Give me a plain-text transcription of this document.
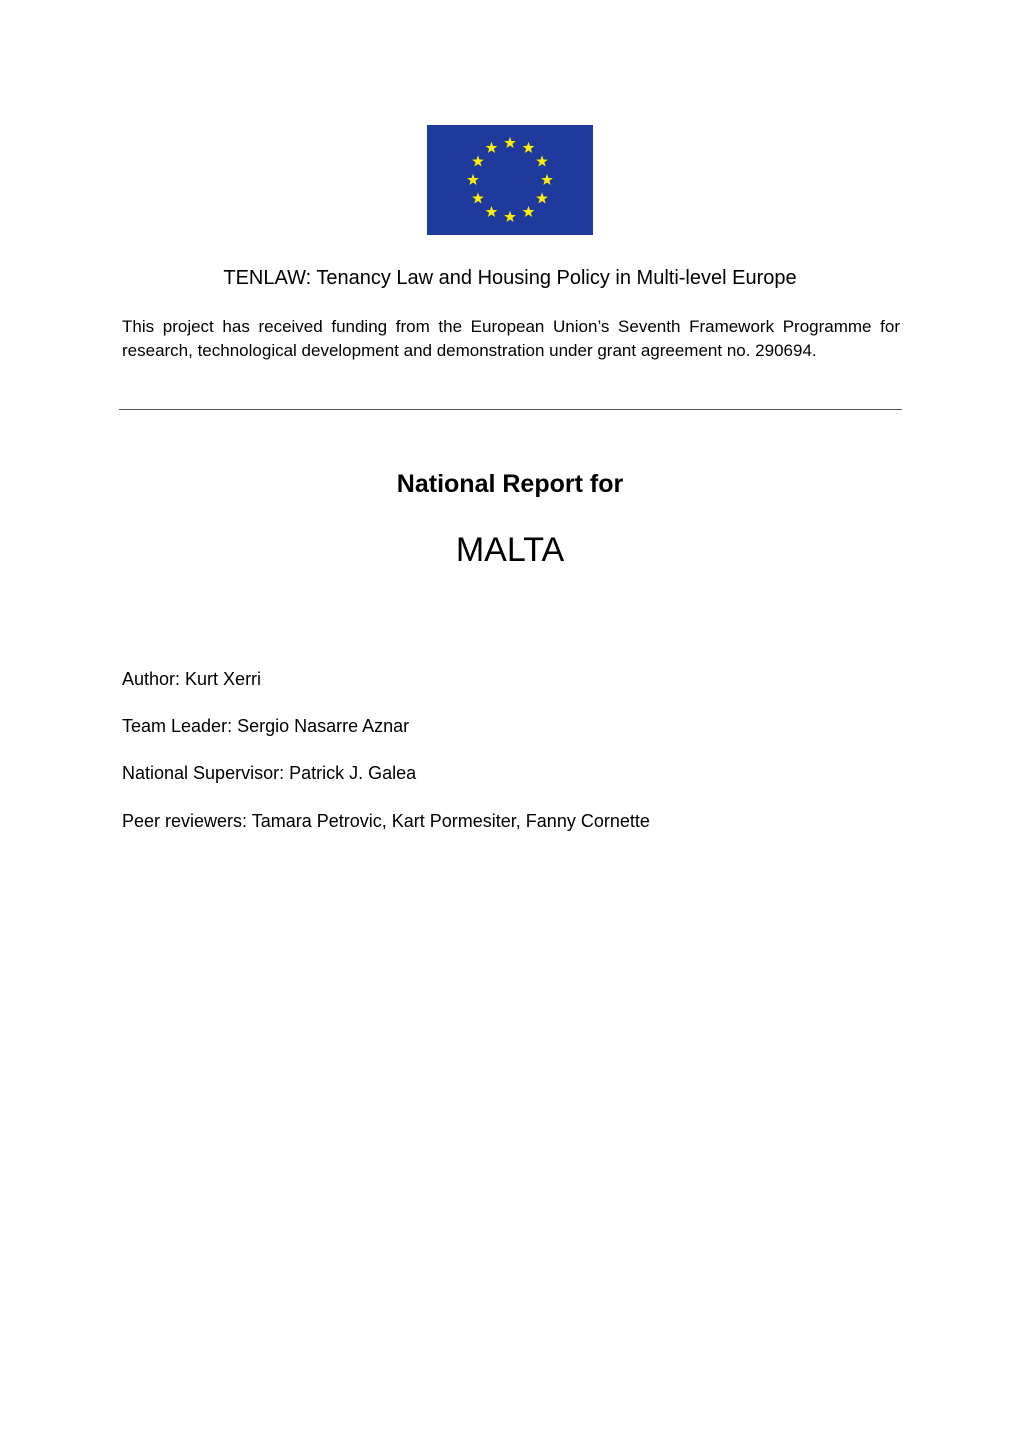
TENLAW: Tenancy Law and Housing Policy in Multi-level Europe
This project has received funding from the European Union’s Seventh Framework Programme for research, technological development and demonstration under grant agreement no. 290694.
National Report for
MALTA
Author: Kurt Xerri
Team Leader: Sergio Nasarre Aznar
National Supervisor: Patrick J. Galea
Peer reviewers: Tamara Petrovic, Kart Pormesiter, Fanny Cornette
